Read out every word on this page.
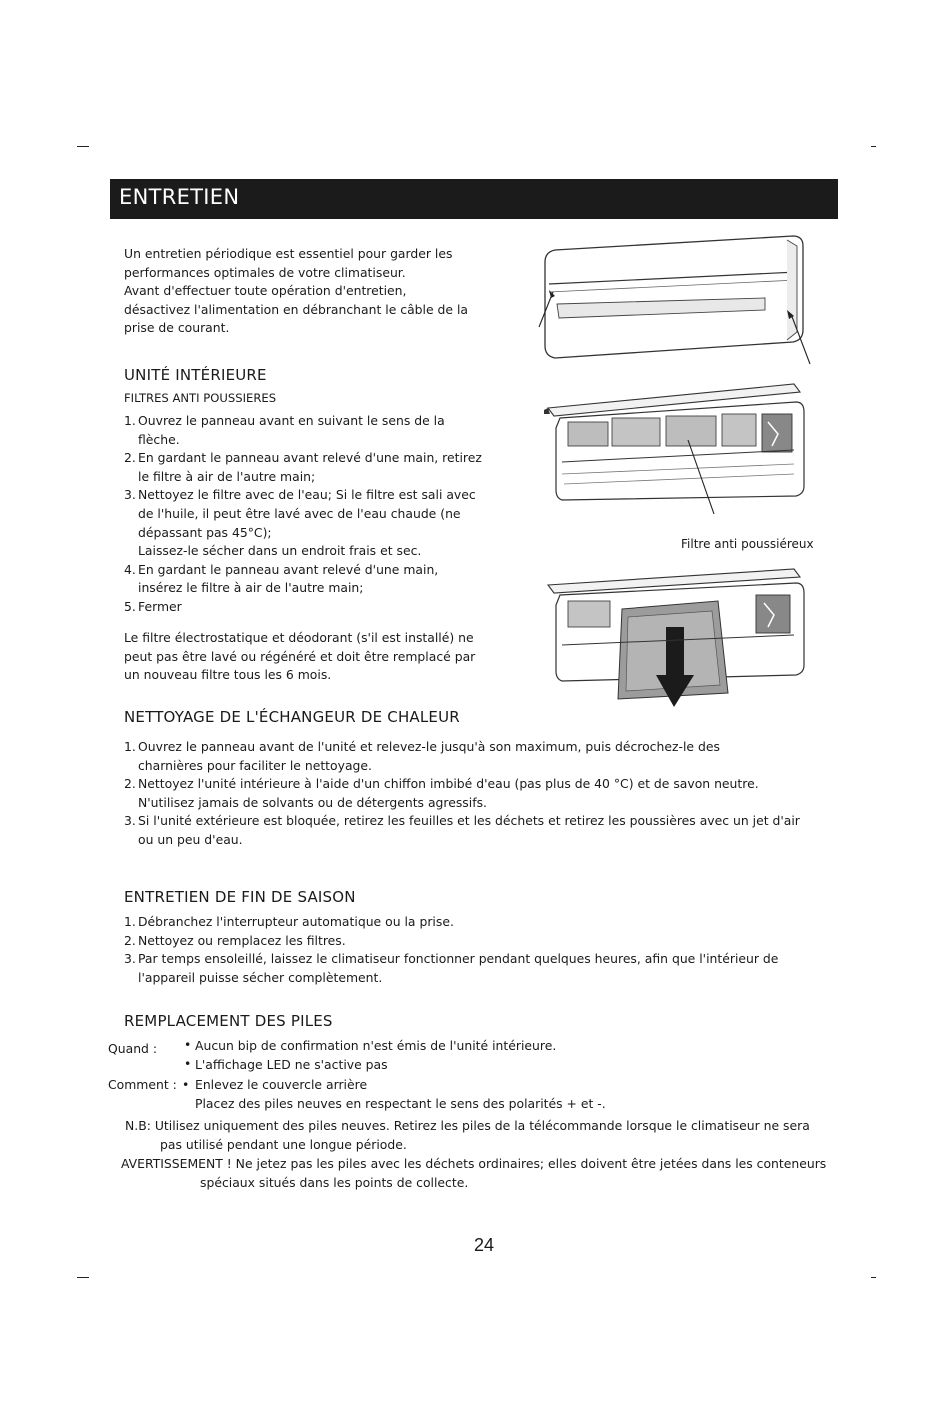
ENTRETIEN
Un entretien périodique est essentiel pour garder les
performances optimales de votre climatiseur.
Avant d'effectuer toute opération d'entretien,
désactivez l'alimentation en débranchant le câble de la
prise de courant.
UNITÉ INTÉRIEURE
FILTRES ANTI POUSSIERES
1. Ouvrez le panneau avant en suivant le sens de la
flèche.
2. En gardant le panneau avant relevé d'une main, retirez
le filtre à air de l'autre main;
3. Nettoyez le filtre avec de l'eau; Si le filtre est sali avec
de l'huile, il peut être lavé avec de l'eau chaude (ne
dépassant pas 45°C);
Laissez-le sécher dans un endroit frais et sec.
4. En gardant le panneau avant relevé d'une main,
insérez le filtre à air de l'autre main;
5. Fermer
Le filtre électrostatique et déodorant (s'il est installé) ne
peut pas être lavé ou régénéré et doit être remplacé par
un nouveau filtre tous les 6 mois.
Filtre anti poussiéreux
NETTOYAGE DE L'ÉCHANGEUR DE CHALEUR
1. Ouvrez le panneau avant de l'unité et relevez-le jusqu'à son maximum, puis décrochez-le des
charnières pour faciliter le nettoyage.
2. Nettoyez l'unité intérieure à l'aide d'un chiffon imbibé d'eau (pas plus de 40 °C) et de savon neutre.
N'utilisez jamais de solvants ou de détergents agressifs.
3. Si l'unité extérieure est bloquée, retirez les feuilles et les déchets et retirez les poussières avec un jet d'air
ou un peu d'eau.
ENTRETIEN DE FIN DE SAISON
1. Débranchez l'interrupteur automatique ou la prise.
2. Nettoyez ou remplacez les filtres.
3. Par temps ensoleillé, laissez le climatiseur fonctionner pendant quelques heures, afin que l'intérieur de
l'appareil puisse sécher complètement.
REMPLACEMENT DES PILES
Quand : • Aucun bip de confirmation n'est émis de l'unité intérieure.
• L'affichage LED ne s'active pas
Comment : • Enlevez le couvercle arrière
Placez des piles neuves en respectant le sens des polarités + et -.
N.B: Utilisez uniquement des piles neuves. Retirez les piles de la télécommande lorsque le climatiseur ne sera
pas utilisé pendant une longue période.
AVERTISSEMENT ! Ne jetez pas les piles avec les déchets ordinaires; elles doivent être jetées dans les conteneurs
spéciaux situés dans les points de collecte.
24
